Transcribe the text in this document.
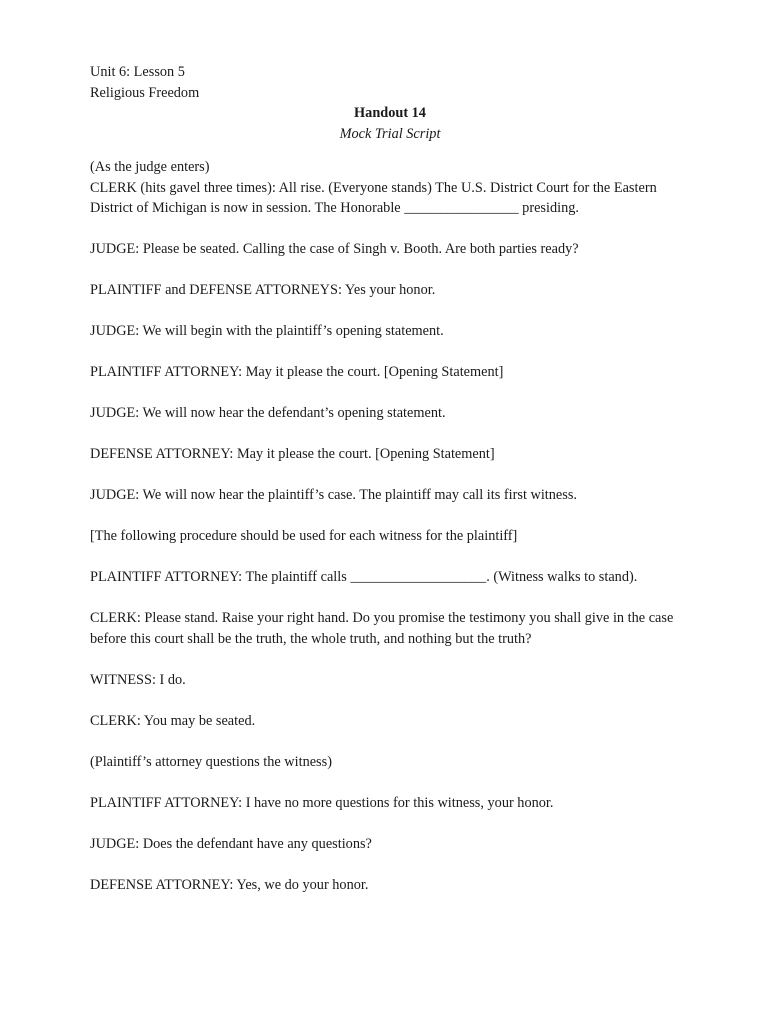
Unit 6: Lesson 5
Religious Freedom
Handout 14
Mock Trial Script

(As the judge enters)

CLERK (hits gavel three times): All rise. (Everyone stands) The U.S. District Court for the Eastern District of Michigan is now in session. The Honorable ________________ presiding.

JUDGE: Please be seated. Calling the case of Singh v. Booth. Are both parties ready?

PLAINTIFF and DEFENSE ATTORNEYS: Yes your honor.

JUDGE: We will begin with the plaintiff’s opening statement.

PLAINTIFF ATTORNEY: May it please the court. [Opening Statement]

JUDGE: We will now hear the defendant’s opening statement.

DEFENSE ATTORNEY: May it please the court. [Opening Statement]

JUDGE: We will now hear the plaintiff’s case. The plaintiff may call its first witness.

[The following procedure should be used for each witness for the plaintiff]

PLAINTIFF ATTORNEY: The plaintiff calls ___________________. (Witness walks to stand).

CLERK: Please stand. Raise your right hand. Do you promise the testimony you shall give in the case before this court shall be the truth, the whole truth, and nothing but the truth?

WITNESS: I do.

CLERK: You may be seated.

(Plaintiff’s attorney questions the witness)

PLAINTIFF ATTORNEY: I have no more questions for this witness, your honor.

JUDGE: Does the defendant have any questions?

DEFENSE ATTORNEY: Yes, we do your honor.
